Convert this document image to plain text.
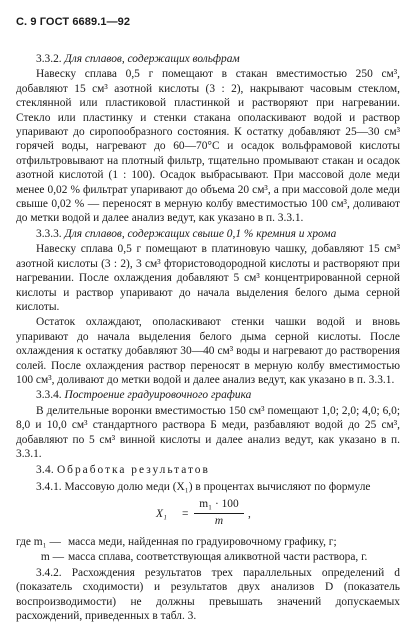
С. 9 ГОСТ 6689.1—92
3.3.2. Для сплавов, содержащих вольфрам

Навеску сплава 0,5 г помещают в стакан вместимостью 250 см³, добавляют 15 см³ азотной кислоты (3 : 2), накрывают часовым стеклом, стеклянной или пластиковой пластинкой и растворяют при нагревании. Стекло или пластинку и стенки стакана ополаскивают водой и раствор упаривают до сиропообразного состояния. К остатку добавляют 25—30 см³ горячей воды, нагревают до 60—70°С и осадок вольфрамовой кислоты отфильтровывают на плотный фильтр, тщательно промывают стакан и осадок азотной кислотой (1 : 100). Осадок выбрасывают. При массовой доле меди менее 0,02 % фильтрат упаривают до объема 20 см³, а при массовой доле меди свыше 0,02 % — переносят в мерную колбу вместимостью 100 см³, доливают до метки водой и далее анализ ведут, как указано в п. 3.3.1.

3.3.3. Для сплавов, содержащих свыше 0,1 % кремния и хрома

Навеску сплава 0,5 г помещают в платиновую чашку, добавляют 15 см³ азотной кислоты (3 : 2), 3 см³ фтористоводородной кислоты и растворяют при нагревании. После охлаждения добавляют 5 см³ концентрированной серной кислоты и раствор упаривают до начала выделения белого дыма серной кислоты.

Остаток охлаждают, ополаскивают стенки чашки водой и вновь упаривают до начала выделения белого дыма серной кислоты. После охлаждения к остатку добавляют 30—40 см³ воды и нагревают до растворения солей. После охлаждения раствор переносят в мерную колбу вместимостью 100 см³, доливают до метки водой и далее анализ ведут, как указано в п. 3.3.1.

3.3.4. Построение градуировочного графика

В делительные воронки вместимостью 150 см³ помещают 1,0; 2,0; 4,0; 6,0; 8,0 и 10,0 см³ стандартного раствора Б меди, разбавляют водой до 25 см³, добавляют по 5 см³ винной кислоты и далее анализ ведут, как указано в п. 3.3.1.

3.4. Обработка результатов

3.4.1. Массовую долю меди (X₁) в процентах вычисляют по формуле

$X_1 = \frac{\text{m₁ · 100}}{m}$ ,
где m₁ — масса меди, найденная по градуировочному графику, г;
m — масса сплава, соответствующая аликвотной части раствора, г.

3.4.2. Расхождения результатов трех параллельных определений d (показатель сходимости) и результатов двух анализов D (показатель воспроизводимости) не должны превышать значений допускаемых расхождений, приведенных в табл. 3.
